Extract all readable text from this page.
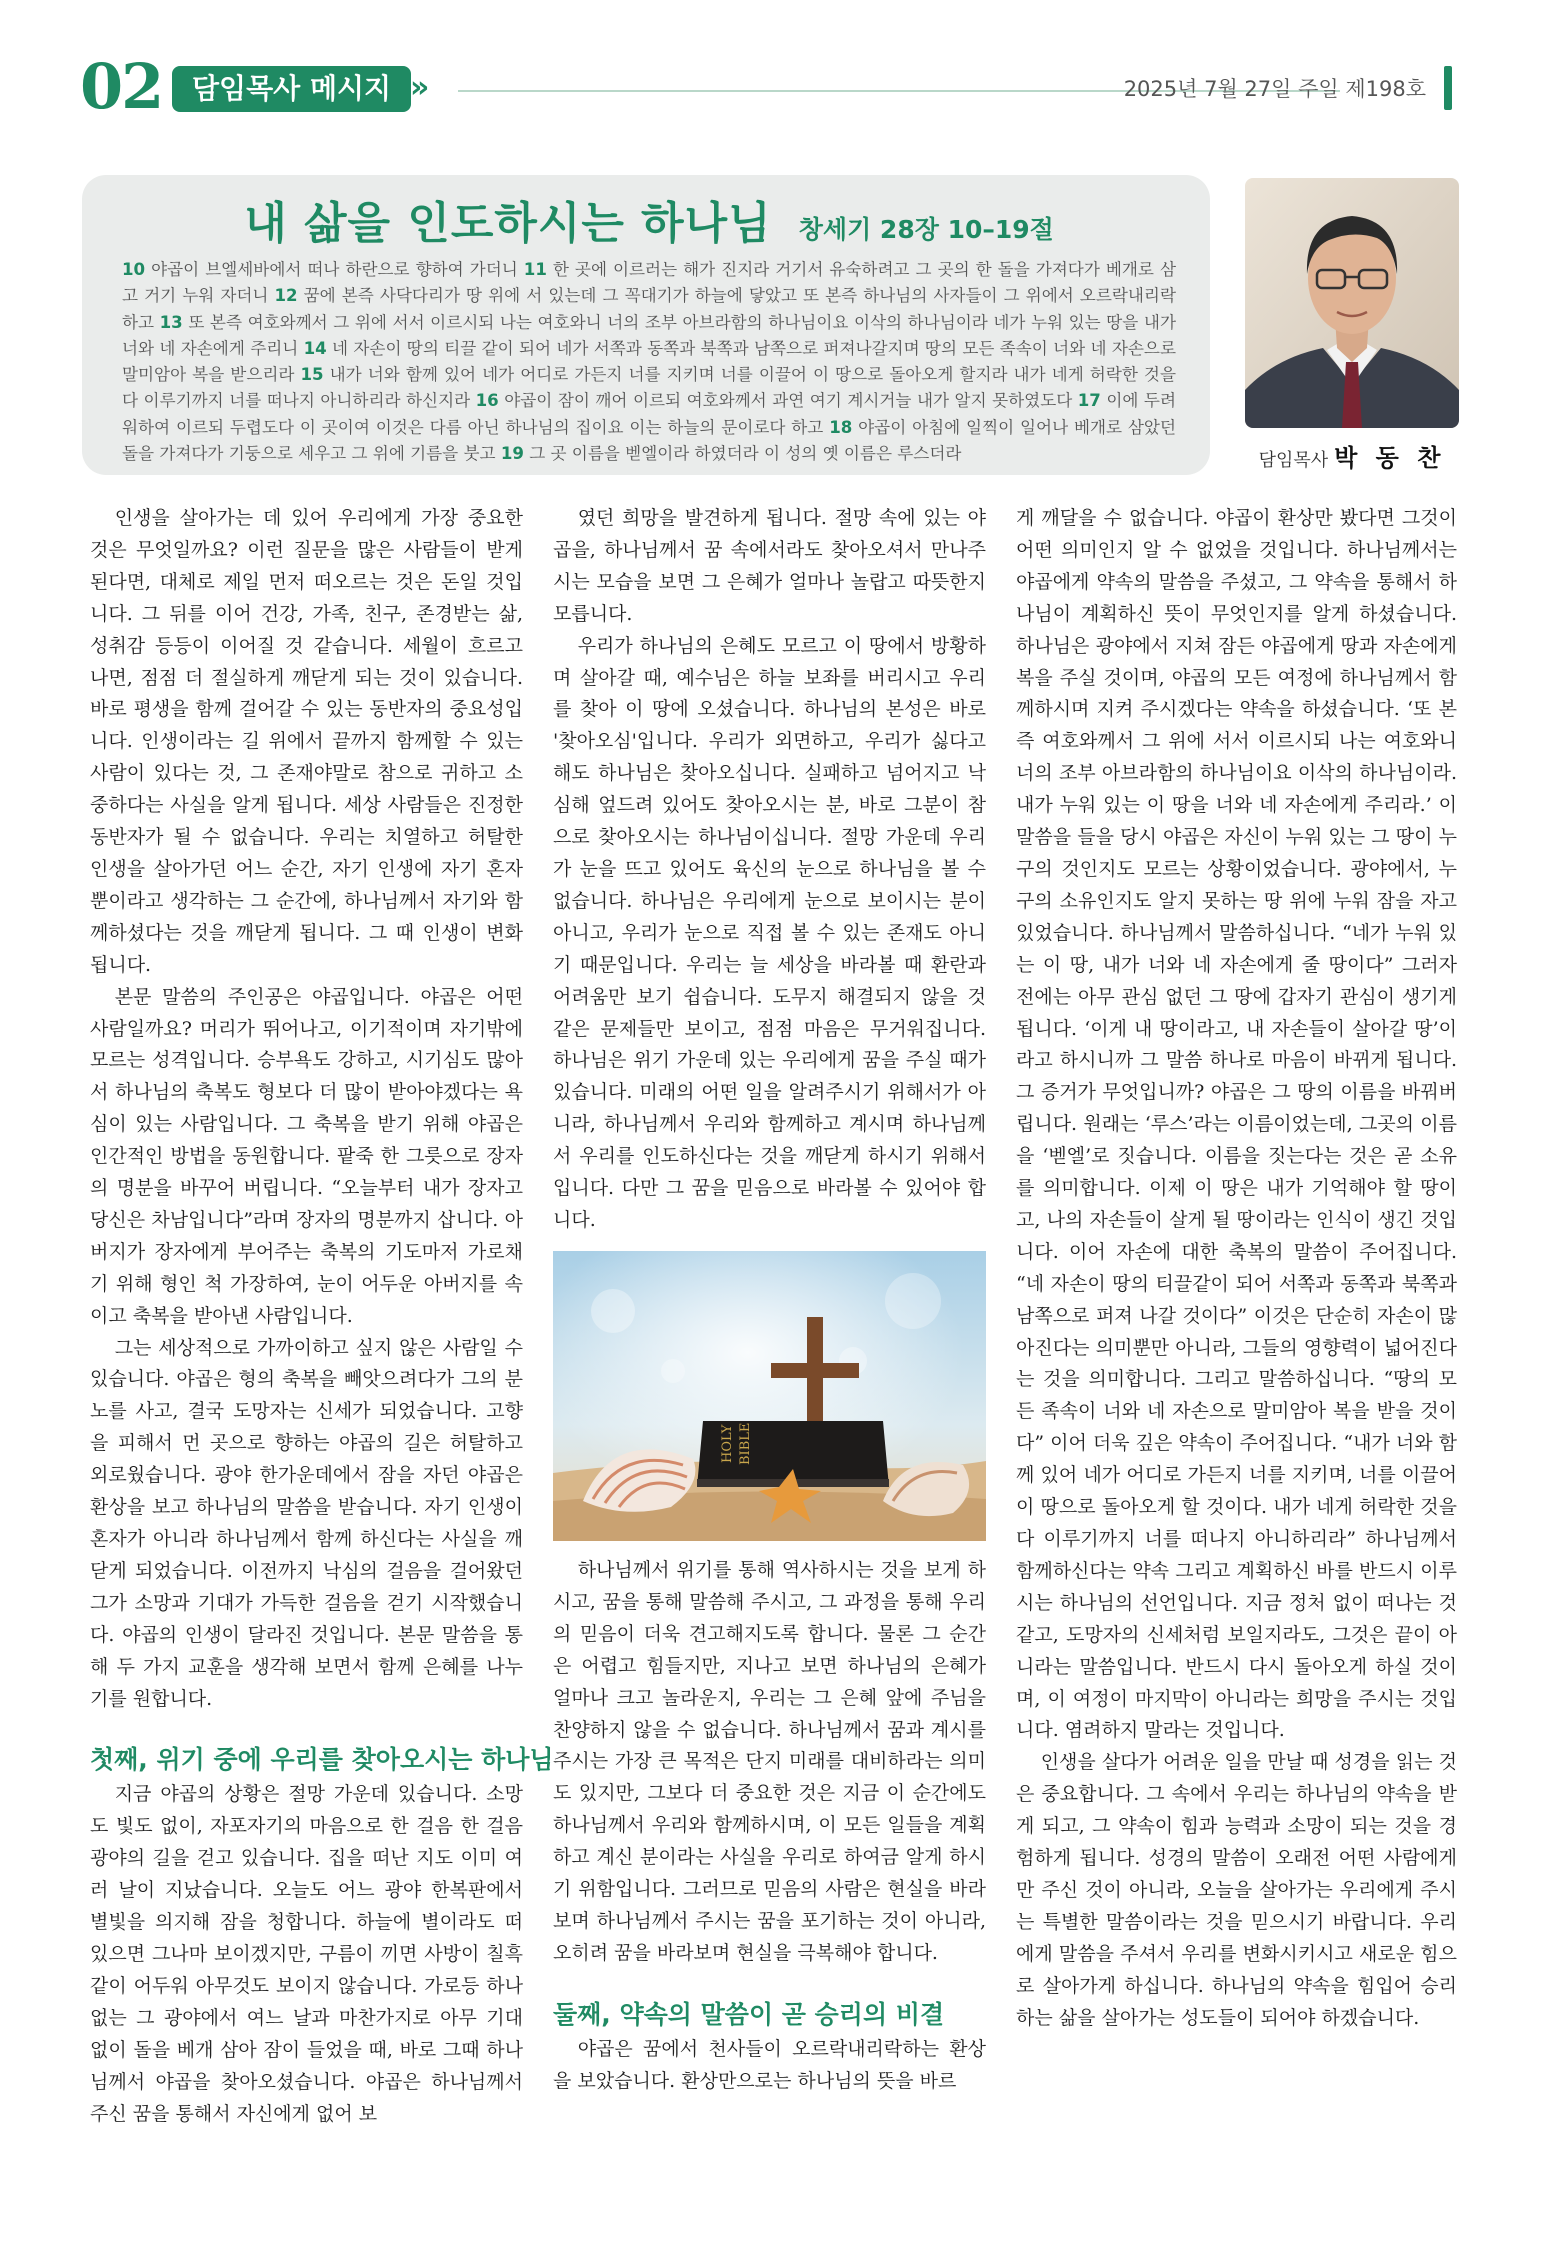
02	담임목사 메시지 »	2025년 7월 27일 주일 제198호
내 삶을 인도하시는 하나님 창세기 28장 10–19절
10 야곱이 브엘세바에서 떠나 하란으로 향하여 가더니 11 한 곳에 이르러는 해가 진지라 거기서 유숙하려고 그 곳의 한 돌을 가져다가 베개로 삼고 거기 누워 자더니 12 꿈에 본즉 사닥다리가 땅 위에 서 있는데 그 꼭대기가 하늘에 닿았고 또 본즉 하나님의 사자들이 그 위에서 오르락내리락 하고 13 또 본즉 여호와께서 그 위에 서서 이르시되 나는 여호와니 너의 조부 아브라함의 하나님이요 이삭의 하나님이라 네가 누워 있는 땅을 내가 너와 네 자손에게 주리니 14 네 자손이 땅의 티끌 같이 되어 네가 서쪽과 동쪽과 북쪽과 남쪽으로 퍼져나갈지며 땅의 모든 족속이 너와 네 자손으로 말미암아 복을 받으리라 15 내가 너와 함께 있어 네가 어디로 가든지 너를 지키며 너를 이끌어 이 땅으로 돌아오게 할지라 내가 네게 허락한 것을 다 이루기까지 너를 떠나지 아니하리라 하신지라 16 야곱이 잠이 깨어 이르되 여호와께서 과연 여기 계시거늘 내가 알지 못하였도다 17 이에 두려워하여 이르되 두렵도다 이 곳이여 이것은 다름 아닌 하나님의 집이요 이는 하늘의 문이로다 하고 18 야곱이 아침에 일찍이 일어나 베개로 삼았던 돌을 가져다가 기둥으로 세우고 그 위에 기름을 붓고 19 그 곳 이름을 벧엘이라 하였더라 이 성의 옛 이름은 루스더라	담임목사 박 동 찬

인생을 살아가는 데 있어 우리에게 가장 중요한 것은 무엇일까요? 이런 질문을 많은 사람들이 받게 된다면, 대체로 제일 먼저 떠오르는 것은 돈일 것입니다. 그 뒤를 이어 건강, 가족, 친구, 존경받는 삶, 성취감 등등이 이어질 것 같습니다. 세월이 흐르고 나면, 점점 더 절실하게 깨닫게 되는 것이 있습니다. 바로 평생을 함께 걸어갈 수 있는 동반자의 중요성입니다. 인생이라는 길 위에서 끝까지 함께할 수 있는 사람이 있다는 것, 그 존재야말로 참으로 귀하고 소중하다는 사실을 알게 됩니다. 세상 사람들은 진정한 동반자가 될 수 없습니다. 우리는 치열하고 허탈한 인생을 살아가던 어느 순간, 자기 인생에 자기 혼자뿐이라고 생각하는 그 순간에, 하나님께서 자기와 함께하셨다는 것을 깨닫게 됩니다. 그 때 인생이 변화됩니다.

본문 말씀의 주인공은 야곱입니다. 야곱은 어떤 사람일까요? 머리가 뛰어나고, 이기적이며 자기밖에 모르는 성격입니다. 승부욕도 강하고, 시기심도 많아서 하나님의 축복도 형보다 더 많이 받아야겠다는 욕심이 있는 사람입니다. 그 축복을 받기 위해 야곱은 인간적인 방법을 동원합니다. 팥죽 한 그릇으로 장자의 명분을 바꾸어 버립니다. “오늘부터 내가 장자고 당신은 차남입니다”라며 장자의 명분까지 삽니다. 아버지가 장자에게 부어주는 축복의 기도마저 가로채기 위해 형인 척 가장하여, 눈이 어두운 아버지를 속이고 축복을 받아낸 사람입니다.

그는 세상적으로 가까이하고 싶지 않은 사람일 수 있습니다. 야곱은 형의 축복을 빼앗으려다가 그의 분노를 사고, 결국 도망자는 신세가 되었습니다. 고향을 피해서 먼 곳으로 향하는 야곱의 길은 허탈하고 외로웠습니다. 광야 한가운데에서 잠을 자던 야곱은 환상을 보고 하나님의 말씀을 받습니다. 자기 인생이 혼자가 아니라 하나님께서 함께 하신다는 사실을 깨닫게 되었습니다. 이전까지 낙심의 걸음을 걸어왔던 그가 소망과 기대가 가득한 걸음을 걷기 시작했습니다. 야곱의 인생이 달라진 것입니다. 본문 말씀을 통해 두 가지 교훈을 생각해 보면서 함께 은혜를 나누기를 원합니다.

첫째, 위기 중에 우리를 찾아오시는 하나님

지금 야곱의 상황은 절망 가운데 있습니다. 소망도 빛도 없이, 자포자기의 마음으로 한 걸음 한 걸음 광야의 길을 걷고 있습니다. 집을 떠난 지도 이미 여러 날이 지났습니다. 오늘도 어느 광야 한복판에서 별빛을 의지해 잠을 청합니다. 하늘에 별이라도 떠 있으면 그나마 보이겠지만, 구름이 끼면 사방이 칠흑같이 어두워 아무것도 보이지 않습니다. 가로등 하나 없는 그 광야에서 여느 날과 마찬가지로 아무 기대 없이 돌을 베개 삼아 잠이 들었을 때, 바로 그때 하나님께서 야곱을 찾아오셨습니다. 야곱은 하나님께서 주신 꿈을 통해서 자신에게 없어 보

였던 희망을 발견하게 됩니다. 절망 속에 있는 야곱을, 하나님께서 꿈 속에서라도 찾아오셔서 만나주시는 모습을 보면 그 은혜가 얼마나 놀랍고 따뜻한지 모릅니다.

우리가 하나님의 은혜도 모르고 이 땅에서 방황하며 살아갈 때, 예수님은 하늘 보좌를 버리시고 우리를 찾아 이 땅에 오셨습니다. 하나님의 본성은 바로 '찾아오심'입니다. 우리가 외면하고, 우리가 싫다고 해도 하나님은 찾아오십니다. 실패하고 넘어지고 낙심해 엎드려 있어도 찾아오시는 분, 바로 그분이 참으로 찾아오시는 하나님이십니다. 절망 가운데 우리가 눈을 뜨고 있어도 육신의 눈으로 하나님을 볼 수 없습니다. 하나님은 우리에게 눈으로 보이시는 분이 아니고, 우리가 눈으로 직접 볼 수 있는 존재도 아니기 때문입니다. 우리는 늘 세상을 바라볼 때 환란과 어려움만 보기 쉽습니다. 도무지 해결되지 않을 것 같은 문제들만 보이고, 점점 마음은 무거워집니다. 하나님은 위기 가운데 있는 우리에게 꿈을 주실 때가 있습니다. 미래의 어떤 일을 알려주시기 위해서가 아니라, 하나님께서 우리와 함께하고 계시며 하나님께서 우리를 인도하신다는 것을 깨닫게 하시기 위해서입니다. 다만 그 꿈을 믿음으로 바라볼 수 있어야 합니다.

HOLY BIBLE

하나님께서 위기를 통해 역사하시는 것을 보게 하시고, 꿈을 통해 말씀해 주시고, 그 과정을 통해 우리의 믿음이 더욱 견고해지도록 합니다. 물론 그 순간은 어렵고 힘들지만, 지나고 보면 하나님의 은혜가 얼마나 크고 놀라운지, 우리는 그 은혜 앞에 주님을 찬양하지 않을 수 없습니다. 하나님께서 꿈과 계시를 주시는 가장 큰 목적은 단지 미래를 대비하라는 의미도 있지만, 그보다 더 중요한 것은 지금 이 순간에도 하나님께서 우리와 함께하시며, 이 모든 일들을 계획하고 계신 분이라는 사실을 우리로 하여금 알게 하시기 위함입니다. 그러므로 믿음의 사람은 현실을 바라보며 하나님께서 주시는 꿈을 포기하는 것이 아니라, 오히려 꿈을 바라보며 현실을 극복해야 합니다.

둘째, 약속의 말씀이 곧 승리의 비결

야곱은 꿈에서 천사들이 오르락내리락하는 환상을 보았습니다. 환상만으로는 하나님의 뜻을 바르

게 깨달을 수 없습니다. 야곱이 환상만 봤다면 그것이 어떤 의미인지 알 수 없었을 것입니다. 하나님께서는 야곱에게 약속의 말씀을 주셨고, 그 약속을 통해서 하나님이 계획하신 뜻이 무엇인지를 알게 하셨습니다. 하나님은 광야에서 지쳐 잠든 야곱에게 땅과 자손에게 복을 주실 것이며, 야곱의 모든 여정에 하나님께서 함께하시며 지켜 주시겠다는 약속을 하셨습니다. ‘또 본즉 여호와께서 그 위에 서서 이르시되 나는 여호와니 너의 조부 아브라함의 하나님이요 이삭의 하나님이라. 내가 누워 있는 이 땅을 너와 네 자손에게 주리라.’ 이 말씀을 들을 당시 야곱은 자신이 누워 있는 그 땅이 누구의 것인지도 모르는 상황이었습니다. 광야에서, 누구의 소유인지도 알지 못하는 땅 위에 누워 잠을 자고 있었습니다. 하나님께서 말씀하십니다. “네가 누워 있는 이 땅, 내가 너와 네 자손에게 줄 땅이다” 그러자 전에는 아무 관심 없던 그 땅에 갑자기 관심이 생기게 됩니다. ‘이게 내 땅이라고, 내 자손들이 살아갈 땅’이라고 하시니까 그 말씀 하나로 마음이 바뀌게 됩니다. 그 증거가 무엇입니까? 야곱은 그 땅의 이름을 바꿔버립니다. 원래는 ‘루스’라는 이름이었는데, 그곳의 이름을 ‘벧엘’로 짓습니다. 이름을 짓는다는 것은 곧 소유를 의미합니다. 이제 이 땅은 내가 기억해야 할 땅이고, 나의 자손들이 살게 될 땅이라는 인식이 생긴 것입니다. 이어 자손에 대한 축복의 말씀이 주어집니다. “네 자손이 땅의 티끌같이 되어 서쪽과 동쪽과 북쪽과 남쪽으로 퍼져 나갈 것이다” 이것은 단순히 자손이 많아진다는 의미뿐만 아니라, 그들의 영향력이 넓어진다는 것을 의미합니다. 그리고 말씀하십니다. “땅의 모든 족속이 너와 네 자손으로 말미암아 복을 받을 것이다” 이어 더욱 깊은 약속이 주어집니다. “내가 너와 함께 있어 네가 어디로 가든지 너를 지키며, 너를 이끌어 이 땅으로 돌아오게 할 것이다. 내가 네게 허락한 것을 다 이루기까지 너를 떠나지 아니하리라” 하나님께서 함께하신다는 약속 그리고 계획하신 바를 반드시 이루시는 하나님의 선언입니다. 지금 정처 없이 떠나는 것 같고, 도망자의 신세처럼 보일지라도, 그것은 끝이 아니라는 말씀입니다. 반드시 다시 돌아오게 하실 것이며, 이 여정이 마지막이 아니라는 희망을 주시는 것입니다. 염려하지 말라는 것입니다.

인생을 살다가 어려운 일을 만날 때 성경을 읽는 것은 중요합니다. 그 속에서 우리는 하나님의 약속을 받게 되고, 그 약속이 힘과 능력과 소망이 되는 것을 경험하게 됩니다. 성경의 말씀이 오래전 어떤 사람에게만 주신 것이 아니라, 오늘을 살아가는 우리에게 주시는 특별한 말씀이라는 것을 믿으시기 바랍니다. 우리에게 말씀을 주셔서 우리를 변화시키시고 새로운 힘으로 살아가게 하십니다. 하나님의 약속을 힘입어 승리하는 삶을 살아가는 성도들이 되어야 하겠습니다.
